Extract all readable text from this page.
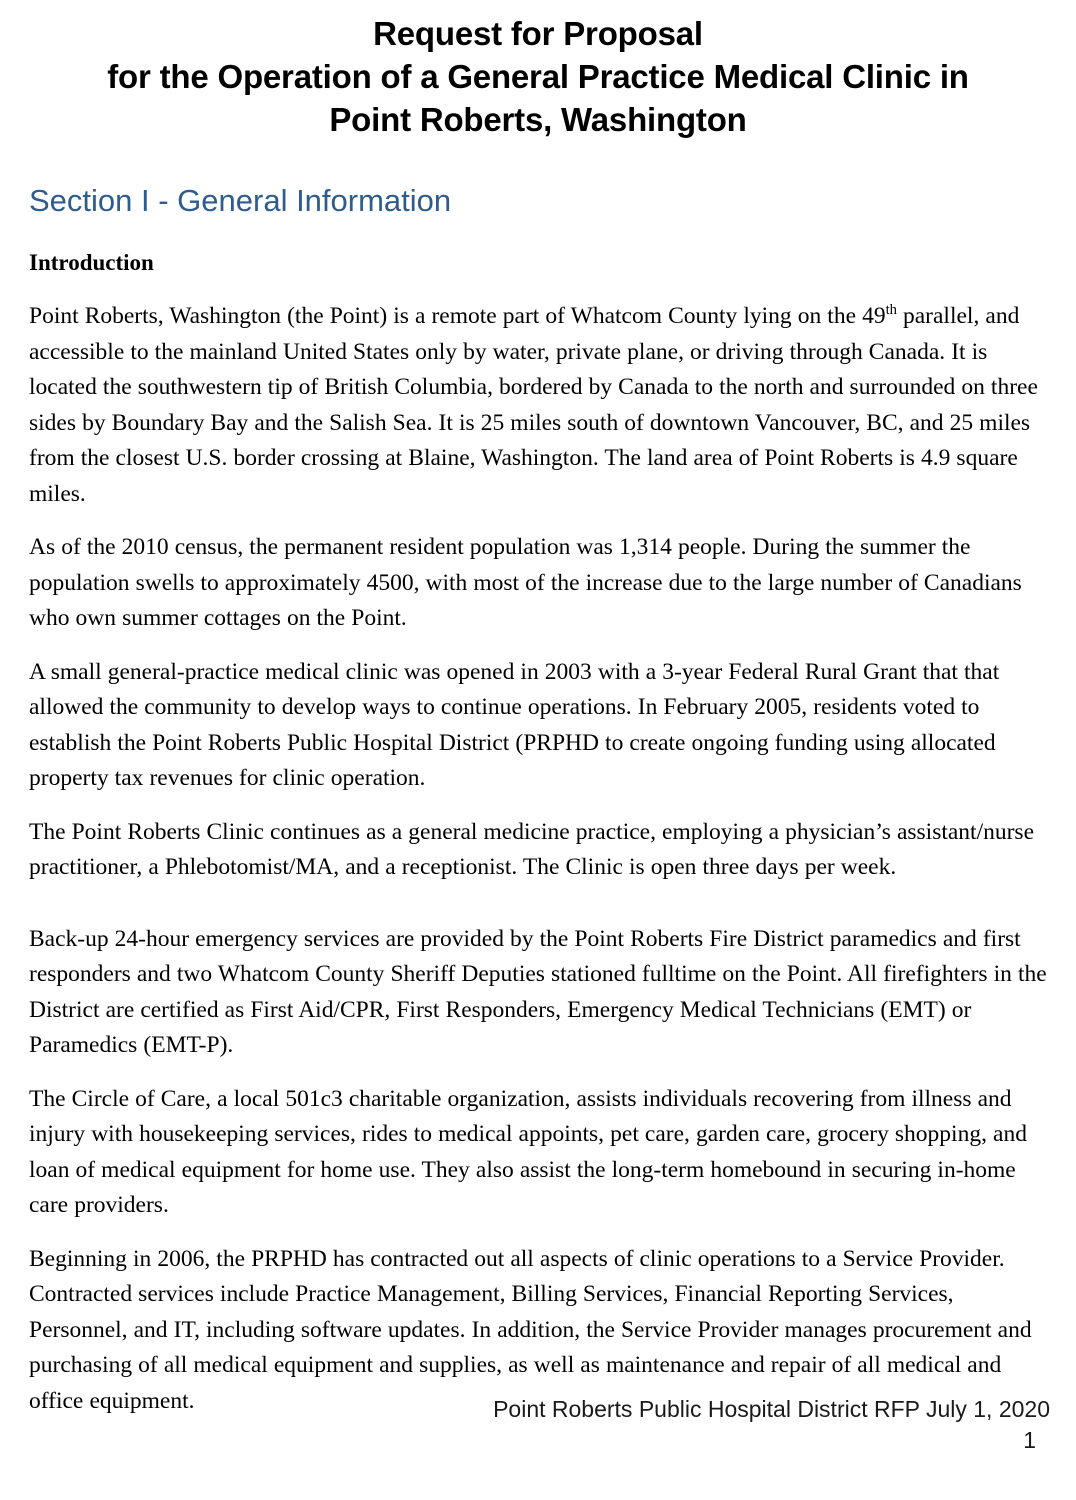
Request for Proposal
for the Operation of a General Practice Medical Clinic in
Point Roberts, Washington
Section I - General Information
Introduction

Point Roberts, Washington (the Point) is a remote part of Whatcom County lying on the 49th parallel, and accessible to the mainland United States only by water, private plane, or driving through Canada. It is located the southwestern tip of British Columbia, bordered by Canada to the north and surrounded on three sides by Boundary Bay and the Salish Sea. It is 25 miles south of downtown Vancouver, BC, and 25 miles from the closest U.S. border crossing at Blaine, Washington. The land area of Point Roberts is 4.9 square miles.

As of the 2010 census, the permanent resident population was 1,314 people. During the summer the population swells to approximately 4500, with most of the increase due to the large number of Canadians who own summer cottages on the Point.

A small general-practice medical clinic was opened in 2003 with a 3-year Federal Rural Grant that that allowed the community to develop ways to continue operations. In February 2005, residents voted to establish the Point Roberts Public Hospital District (PRPHD to create ongoing funding using allocated property tax revenues for clinic operation.

The Point Roberts Clinic continues as a general medicine practice, employing a physician’s assistant/nurse practitioner, a Phlebotomist/MA, and a receptionist. The Clinic is open three days per week.

Back-up 24-hour emergency services are provided by the Point Roberts Fire District paramedics and first responders and two Whatcom County Sheriff Deputies stationed fulltime on the Point. All firefighters in the District are certified as First Aid/CPR, First Responders, Emergency Medical Technicians (EMT) or Paramedics (EMT-P).

The Circle of Care, a local 501c3 charitable organization, assists individuals recovering from illness and injury with housekeeping services, rides to medical appoints, pet care, garden care, grocery shopping, and loan of medical equipment for home use. They also assist the long-term homebound in securing in-home care providers.

Beginning in 2006, the PRPHD has contracted out all aspects of clinic operations to a Service Provider. Contracted services include Practice Management, Billing Services, Financial Reporting Services, Personnel, and IT, including software updates. In addition, the Service Provider manages procurement and purchasing of all medical equipment and supplies, as well as maintenance and repair of all medical and office equipment.	Point Roberts Public Hospital District RFP July 1, 2020
1
